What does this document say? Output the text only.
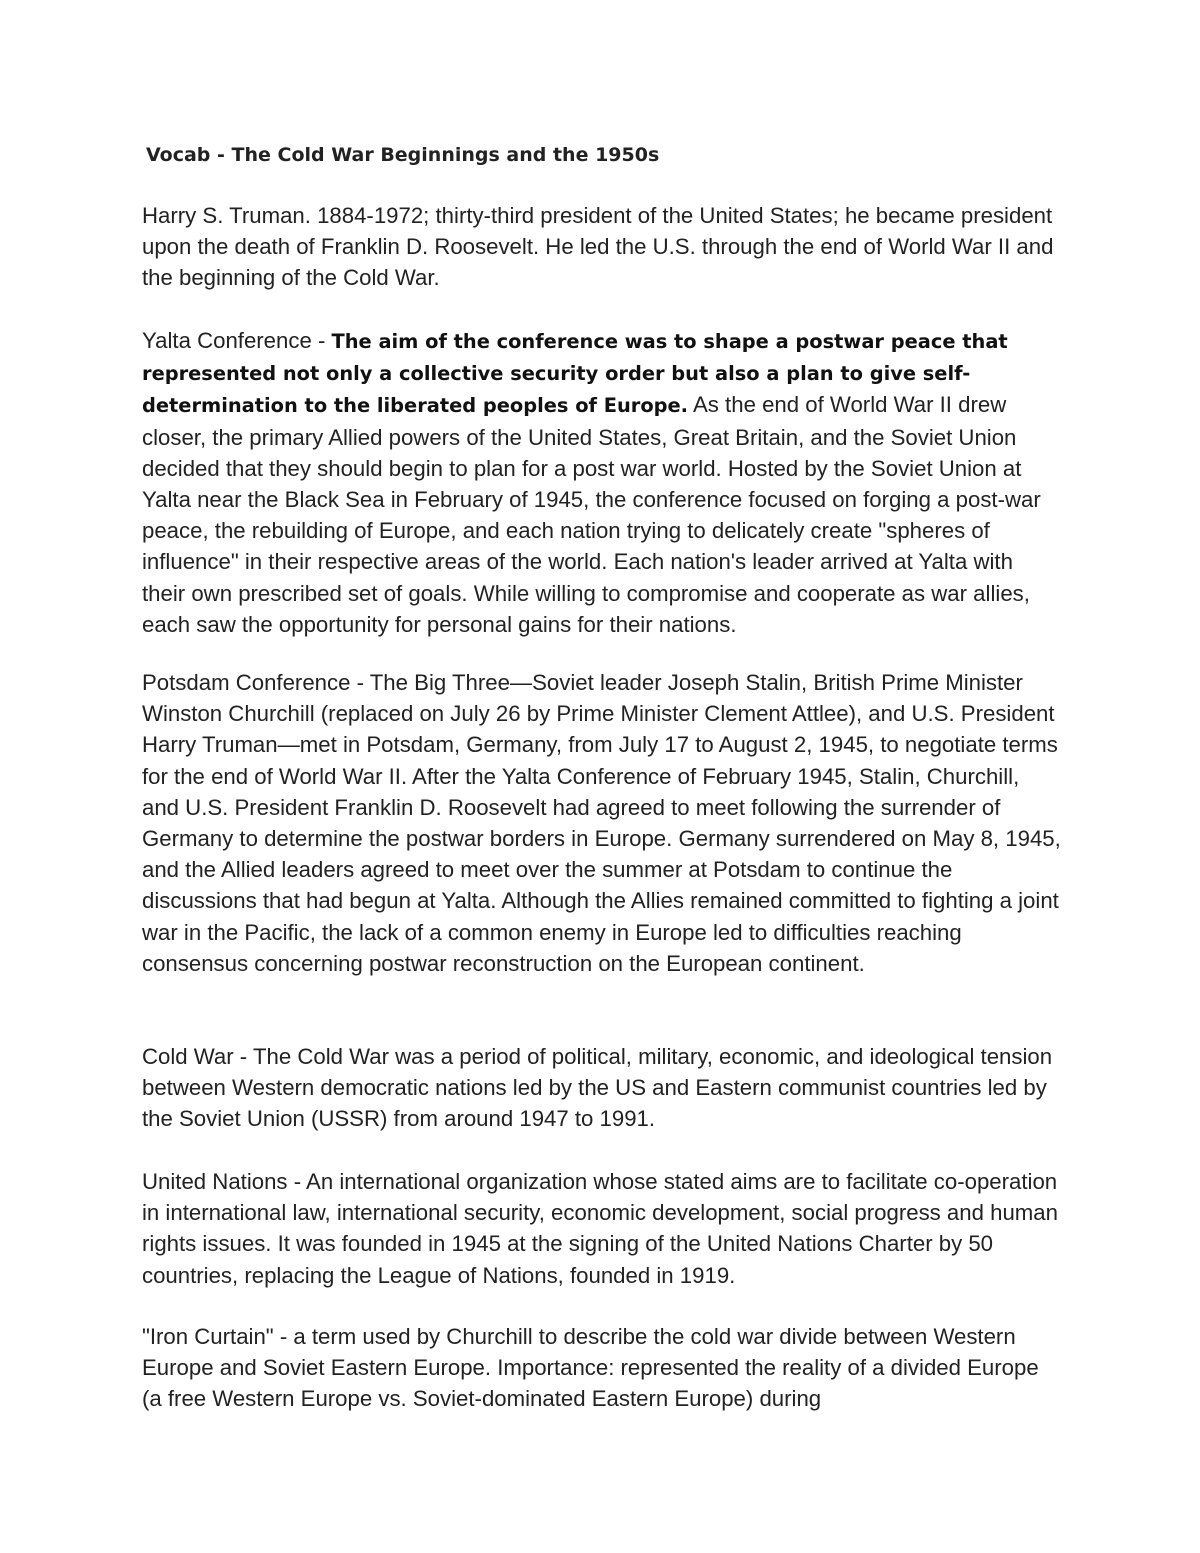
Vocab - The Cold War Beginnings and the 1950s

Harry S. Truman. 1884-1972; thirty-third president of the United States; he became president upon the death of Franklin D. Roosevelt. He led the U.S. through the end of World War II and the beginning of the Cold War.

Yalta Conference - The aim of the conference was to shape a postwar peace that represented not only a collective security order but also a plan to give self-determination to the liberated peoples of Europe. As the end of World War II drew closer, the primary Allied powers of the United States, Great Britain, and the Soviet Union decided that they should begin to plan for a post war world. Hosted by the Soviet Union at Yalta near the Black Sea in February of 1945, the conference focused on forging a post-war peace, the rebuilding of Europe, and each nation trying to delicately create "spheres of influence" in their respective areas of the world. Each nation's leader arrived at Yalta with their own prescribed set of goals. While willing to compromise and cooperate as war allies, each saw the opportunity for personal gains for their nations.

Potsdam Conference - The Big Three—Soviet leader Joseph Stalin, British Prime Minister Winston Churchill (replaced on July 26 by Prime Minister Clement Attlee), and U.S. President Harry Truman—met in Potsdam, Germany, from July 17 to August 2, 1945, to negotiate terms for the end of World War II. After the Yalta Conference of February 1945, Stalin, Churchill, and U.S. President Franklin D. Roosevelt had agreed to meet following the surrender of Germany to determine the postwar borders in Europe. Germany surrendered on May 8, 1945, and the Allied leaders agreed to meet over the summer at Potsdam to continue the discussions that had begun at Yalta. Although the Allies remained committed to fighting a joint war in the Pacific, the lack of a common enemy in Europe led to difficulties reaching consensus concerning postwar reconstruction on the European continent.

Cold War - The Cold War was a period of political, military, economic, and ideological tension between Western democratic nations led by the US and Eastern communist countries led by the Soviet Union (USSR) from around 1947 to 1991.

United Nations - An international organization whose stated aims are to facilitate co-operation in international law, international security, economic development, social progress and human rights issues. It was founded in 1945 at the signing of the United Nations Charter by 50 countries, replacing the League of Nations, founded in 1919.

"Iron Curtain" - a term used by Churchill to describe the cold war divide between Western Europe and Soviet Eastern Europe. Importance: represented the reality of a divided Europe (a free Western Europe vs. Soviet-dominated Eastern Europe) during
